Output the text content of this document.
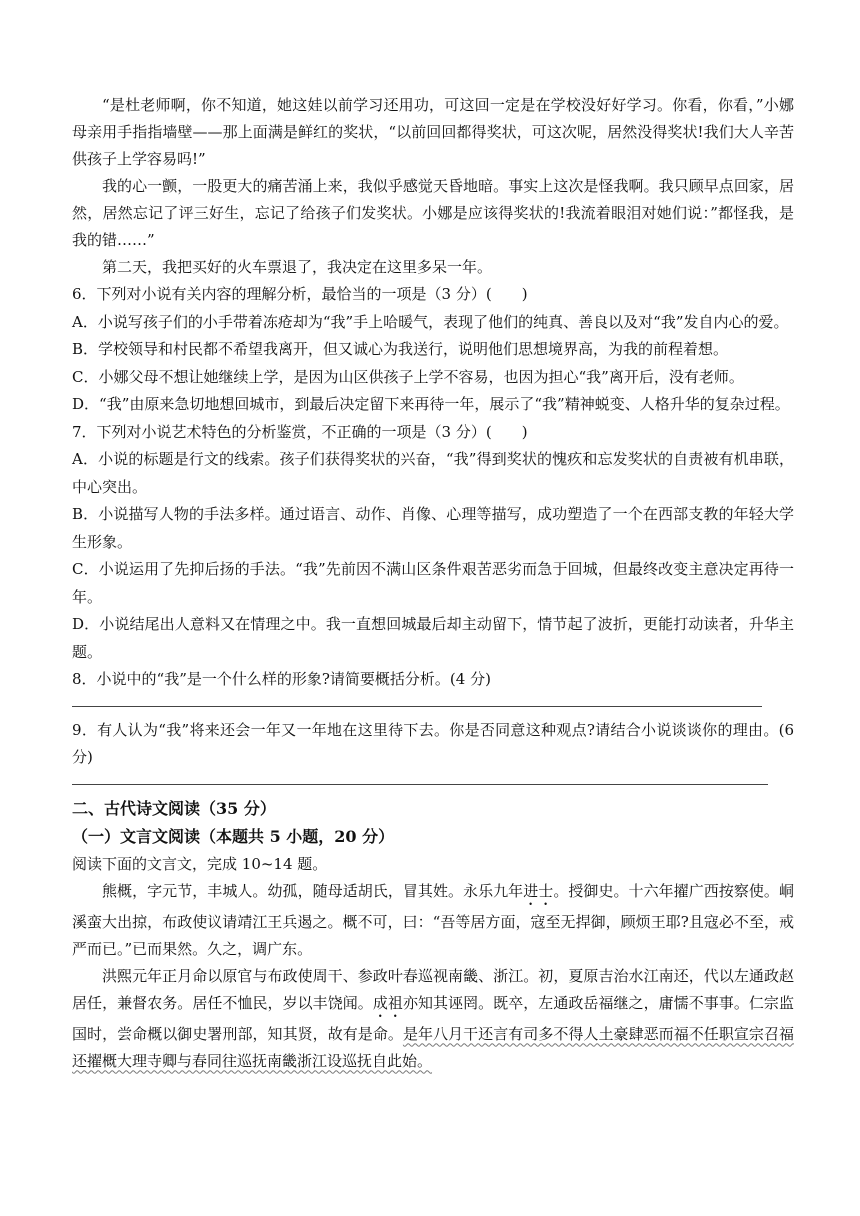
“是杜老师啊，你不知道，她这娃以前学习还用功，可这回一定是在学校没好好学习。你看，你看，”小娜母亲用手指指墙壁——那上面满是鲜红的奖状，“以前回回都得奖状，可这次呢，居然没得奖状!我们大人辛苦供孩子上学容易吗!”

我的心一颤，一股更大的痛苦涌上来，我似乎感觉天昏地暗。事实上这次是怪我啊。我只顾早点回家，居然，居然忘记了评三好生，忘记了给孩子们发奖状。小娜是应该得奖状的!我流着眼泪对她们说：”都怪我，是我的错……”

第二天，我把买好的火车票退了，我决定在这里多呆一年。

6．下列对小说有关内容的理解分析，最恰当的一项是（3 分）(　　)

A．小说写孩子们的小手带着冻疮却为“我”手上哈暖气，表现了他们的纯真、善良以及对“我”发自内心的爱。

B．学校领导和村民都不希望我离开，但又诚心为我送行，说明他们思想境界高，为我的前程着想。

C．小娜父母不想让她继续上学，是因为山区供孩子上学不容易，也因为担心“我”离开后，没有老师。

D．“我”由原来急切地想回城市，到最后决定留下来再待一年，展示了“我”精神蜕变、人格升华的复杂过程。

7．下列对小说艺术特色的分析鉴赏，不正确的一项是（3 分）(　　)

A．小说的标题是行文的线索。孩子们获得奖状的兴奋，“我”得到奖状的愧疚和忘发奖状的自责被有机串联，中心突出。

B．小说描写人物的手法多样。通过语言、动作、肖像、心理等描写，成功塑造了一个在西部支教的年轻大学生形象。

C．小说运用了先抑后扬的手法。“我”先前因不满山区条件艰苦恶劣而急于回城，但最终改变主意决定再待一年。

D．小说结尾出人意料又在情理之中。我一直想回城最后却主动留下，情节起了波折，更能打动读者，升华主题。

8．小说中的“我”是一个什么样的形象?请简要概括分析。(4 分)

9．有人认为“我”将来还会一年又一年地在这里待下去。你是否同意这种观点?请结合小说谈谈你的理由。(6 分)

二、古代诗文阅读（35 分）
（一）文言文阅读（本题共 5 小题，20 分）

阅读下面的文言文，完成 10~14 题。

熊概，字元节，丰城人。幼孤，随母适胡氏，冒其姓。永乐九年进士。授御史。十六年擢广西按察使。峒溪蛮大出掠，布政使议请靖江王兵遏之。概不可，曰：“吾等居方面，寇至无捍御，顾烦王耶?且寇必不至，戒严而已。”已而果然。久之，调广东。

洪熙元年正月命以原官与布政使周干、参政叶春巡视南畿、浙江。初，夏原吉治水江南还，代以左通政赵居任，兼督农务。居任不恤民，岁以丰饶闻。成祖亦知其诬罔。既卒，左通政岳福继之，庸懦不事事。仁宗监国时，尝命概以御史署刑部，知其贤，故有是命。是年八月干还言有司多不得人土豪肆恶而福不任职宣宗召福还擢概大理寺卿与春同往巡抚南畿浙江设巡抚自此始。
